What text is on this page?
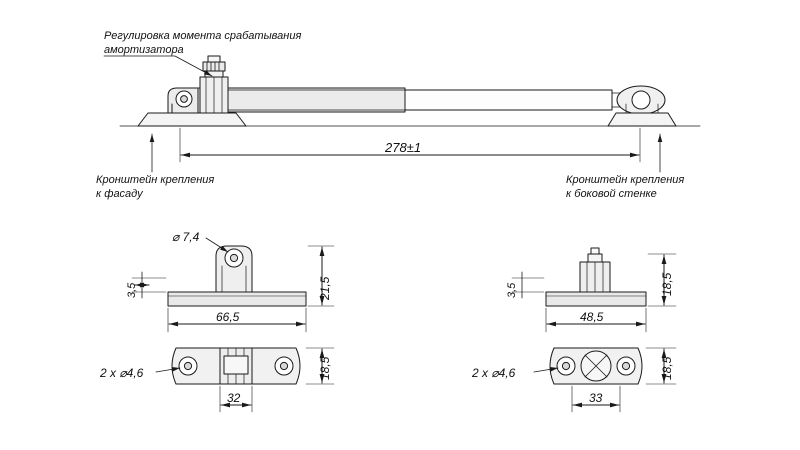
Регулировка момента срабатывания
амортизатора
Кронштейн крепления
к фасаду
Кронштейн крепления
к боковой стенке
278±1
3,5
⌀ 7,4
21,5
66,5
18,5
32
2 x ⌀4,6
3,5	18,5
48,5
18,5
33
2 x ⌀4,6
